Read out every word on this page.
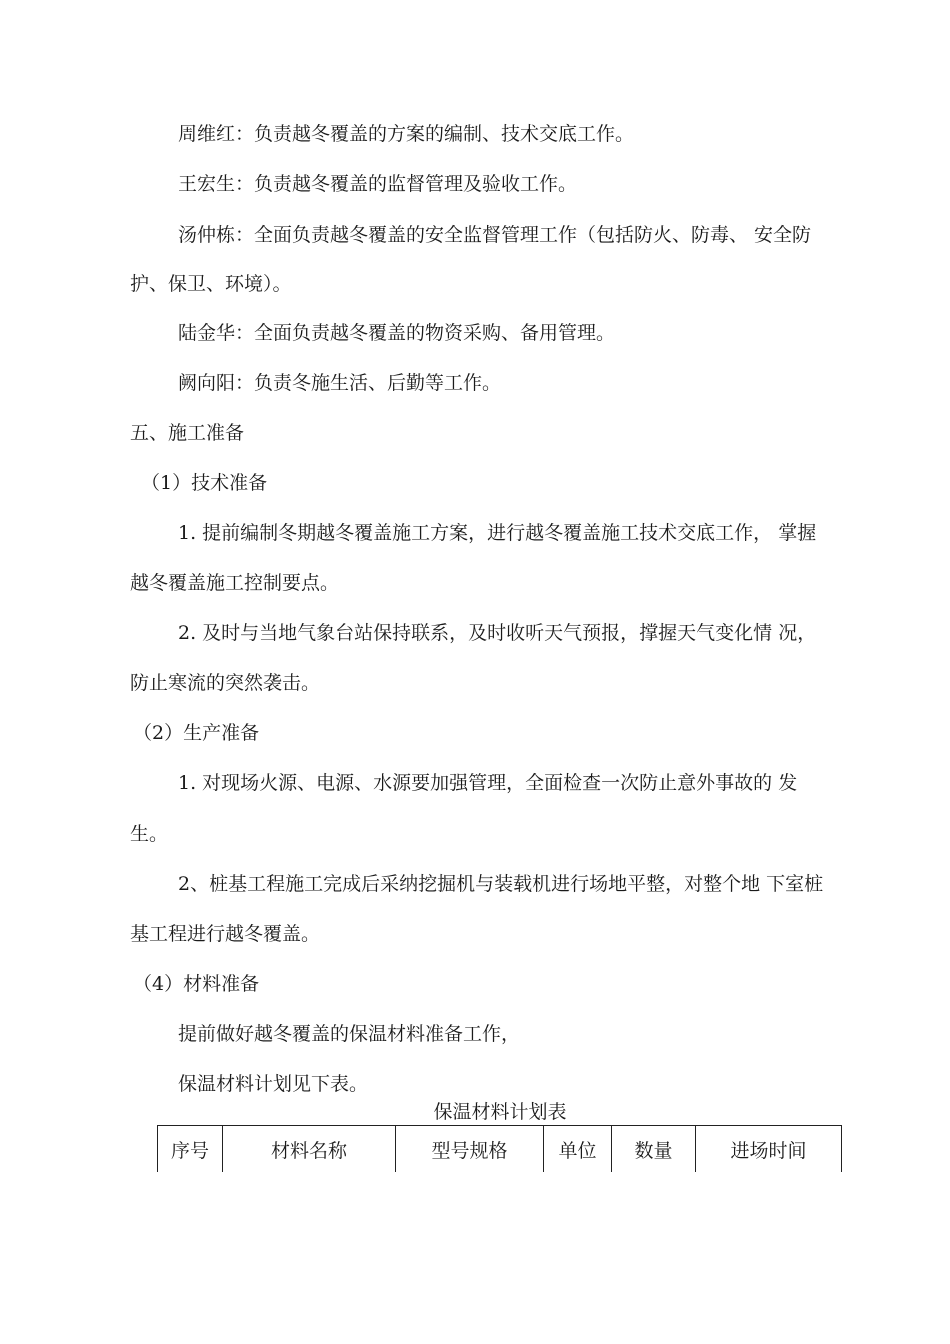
周维红：负责越冬覆盖的方案的编制、技术交底工作。
王宏生：负责越冬覆盖的监督管理及验收工作。
汤仲栋：全面负责越冬覆盖的安全监督管理工作（包括防火、防毒、 安全防
护、保卫、环境）。
陆金华：全面负责越冬覆盖的物资采购、备用管理。
阙向阳：负责冬施生活、后勤等工作。
五、施工准备
（1）技术准备
1. 提前编制冬期越冬覆盖施工方案，进行越冬覆盖施工技术交底工作， 掌握
越冬覆盖施工控制要点。
2. 及时与当地气象台站保持联系，及时收听天气预报，撑握天气变化情 况，
防止寒流的突然袭击。
（2）生产准备
1. 对现场火源、电源、水源要加强管理，全面检查一次防止意外事故的 发
生。
2、桩基工程施工完成后采纳挖掘机与装载机进行场地平整，对整个地 下室桩
基工程进行越冬覆盖。
（4）材料准备
提前做好越冬覆盖的保温材料准备工作，
保温材料计划见下表。
保温材料计划表
序号	材料名称	型号规格	单位	数量	进场时间
